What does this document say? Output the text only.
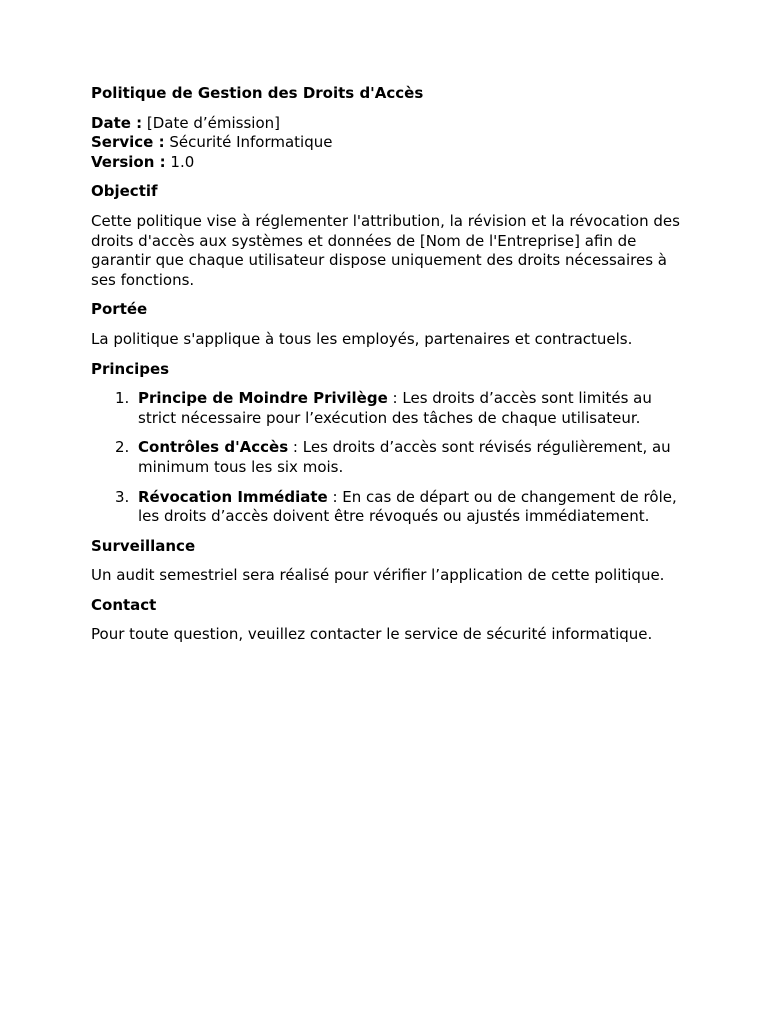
Politique de Gestion des Droits d'Accès
Date : [Date d’émission]
Service : Sécurité Informatique
Version : 1.0
Objectif
Cette politique vise à réglementer l'attribution, la révision et la révocation des droits d'accès aux systèmes et données de [Nom de l'Entreprise] afin de garantir que chaque utilisateur dispose uniquement des droits nécessaires à ses fonctions.
Portée
La politique s'applique à tous les employés, partenaires et contractuels.
Principes
1. Principe de Moindre Privilège : Les droits d’accès sont limités au strict nécessaire pour l’exécution des tâches de chaque utilisateur.
2. Contrôles d'Accès : Les droits d’accès sont révisés régulièrement, au minimum tous les six mois.
3. Révocation Immédiate : En cas de départ ou de changement de rôle, les droits d’accès doivent être révoqués ou ajustés immédiatement.
Surveillance
Un audit semestriel sera réalisé pour vérifier l’application de cette politique.
Contact
Pour toute question, veuillez contacter le service de sécurité informatique.
